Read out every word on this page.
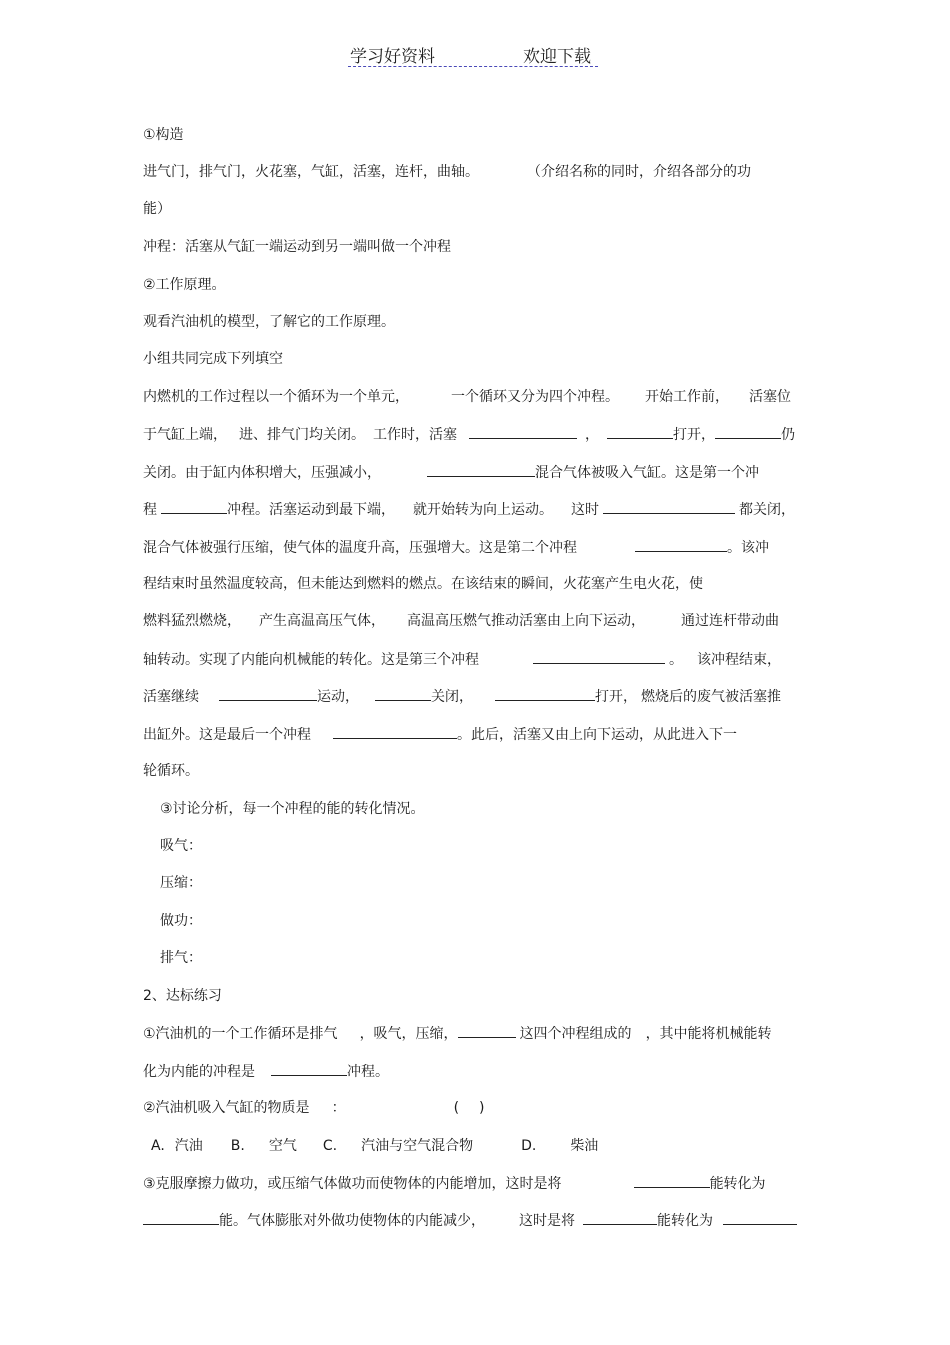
学习好资料	欢迎下载
①构造
进气门，排气门，火花塞，气缸，活塞，连杆，曲轴。	（介绍名称的同时，介绍各部分的功
能）
冲程：活塞从气缸一端运动到另一端叫做一个冲程
②工作原理。
观看汽油机的模型，了解它的工作原理。
小组共同完成下列填空
内燃机的工作过程以一个循环为一个单元，	一个循环又分为四个冲程。 开始工作前， 活塞位
于气缸上端， 进、排气门均关闭。 工作时，活塞	，	打开，	仍
关闭。由于缸内体积增大，压强减小，	混合气体被吸入气缸。这是第一个冲
程	冲程。活塞运动到最下端， 就开始转为向上运动。 这时	都关闭，
混合气体被强行压缩，使气体的温度升高，压强增大。这是第二个冲程	。该冲
程结束时虽然温度较高，但未能达到燃料的燃点。在该结束的瞬间，火花塞产生电火花，使
燃料猛烈燃烧， 产生高温高压气体， 高温高压燃气推动活塞由上向下运动，	通过连杆带动曲
轴转动。实现了内能向机械能的转化。这是第三个冲程	。 该冲程结束，
活塞继续	运动，	关闭，	打开， 燃烧后的废气被活塞推
出缸外。这是最后一个冲程	。此后，活塞又由上向下运动，从此进入下一
轮循环。
③讨论分析，每一个冲程的能的转化情况。
吸气：
压缩：
做功：
排气：
2、达标练习
①汽油机的一个工作循环是排气 ，吸气，压缩，	这四个冲程组成的 ，其中能将机械能转
化为内能的冲程是	冲程。
②汽油机吸入气缸的物质是 ：	( )
A. 汽油 B. 空气 C. 汽油与空气混合物	D. 柴油
③克服摩擦力做功，或压缩气体做功而使物体的内能增加，这时是将	能转化为
能。气体膨胀对外做功使物体的内能减少， 这时是将	能转化为
